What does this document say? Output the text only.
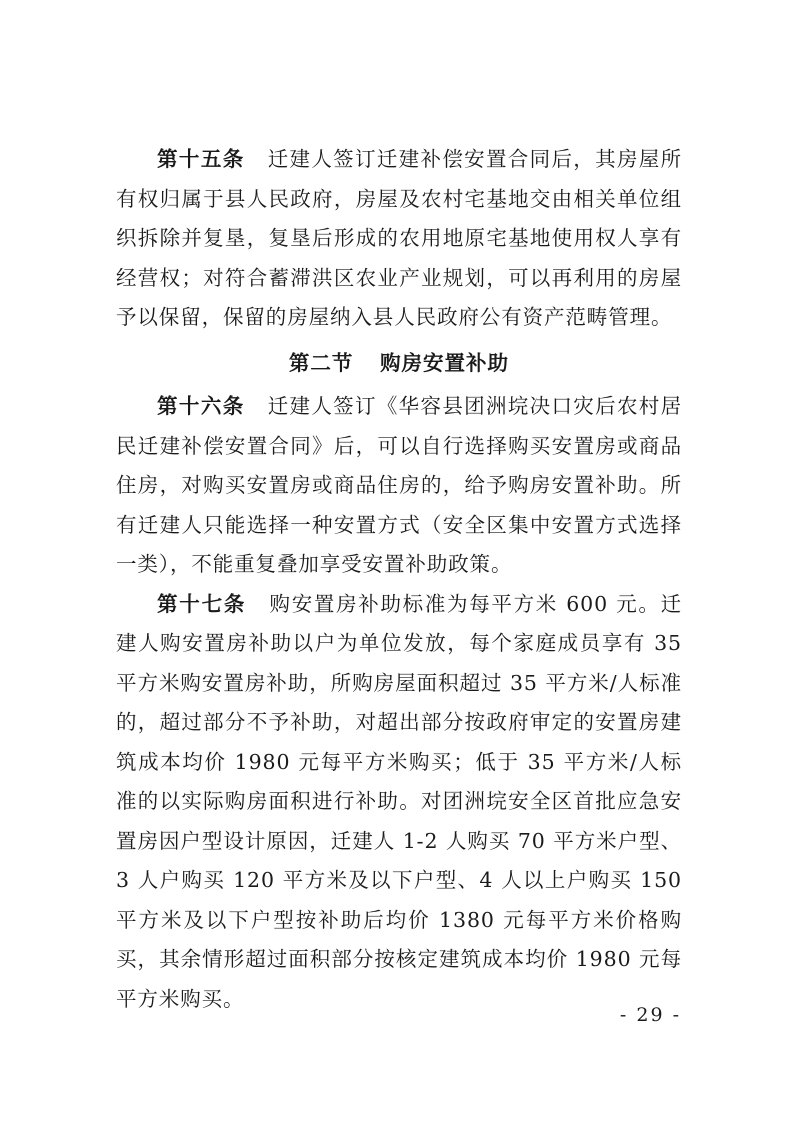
第十五条 迁建人签订迁建补偿安置合同后，其房屋所有权归属于县人民政府，房屋及农村宅基地交由相关单位组织拆除并复垦，复垦后形成的农用地原宅基地使用权人享有经营权；对符合蓄滞洪区农业产业规划，可以再利用的房屋予以保留，保留的房屋纳入县人民政府公有资产范畴管理。

第二节 购房安置补助

第十六条 迁建人签订《华容县团洲垸决口灾后农村居民迁建补偿安置合同》后，可以自行选择购买安置房或商品住房，对购买安置房或商品住房的，给予购房安置补助。所有迁建人只能选择一种安置方式（安全区集中安置方式选择一类），不能重复叠加享受安置补助政策。

第十七条 购安置房补助标准为每平方米 600 元。迁建人购安置房补助以户为单位发放，每个家庭成员享有 35 平方米购安置房补助，所购房屋面积超过 35 平方米/人标准的，超过部分不予补助，对超出部分按政府审定的安置房建筑成本均价 1980 元每平方米购买；低于 35 平方米/人标准的以实际购房面积进行补助。对团洲垸安全区首批应急安置房因户型设计原因，迁建人 1-2 人购买 70 平方米户型、3 人户购买 120 平方米及以下户型、4 人以上户购买 150 平方米及以下户型按补助后均价 1380 元每平方米价格购买，其余情形超过面积部分按核定建筑成本均价 1980 元每平方米购买。

- 29 -
